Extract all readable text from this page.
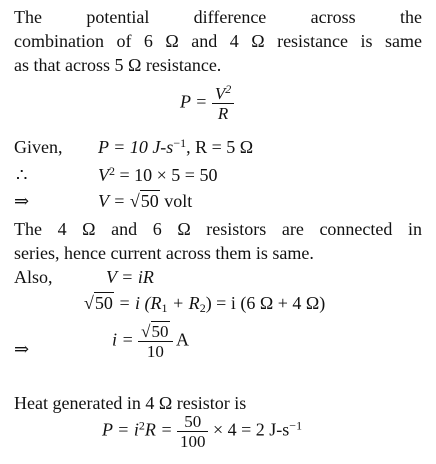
The potential difference across the
combination of 6 Ω and 4 Ω resistance is same
as that across 5 Ω resistance.
$P = \frac{V^2}{R}$
Given, P = 10 $J-s^{-1}$, R = 5 Ω
∴	$V^2 = 10 \times 5 = 50$
⇒	V = √50 volt
The 4 Ω and 6 Ω resistors are connected in
series, hence current across them is same.
Also,	V = iR
√50 = i $(R_1 + R_2) = i$ (6 Ω + 4 Ω)
⇒	$i = \frac{√50}{10}$ A
Heat generated in 4 Ω resistor is
$P = i^2R = \frac{50}{100} \times 4 = 2$ $J-s^{-1}$
